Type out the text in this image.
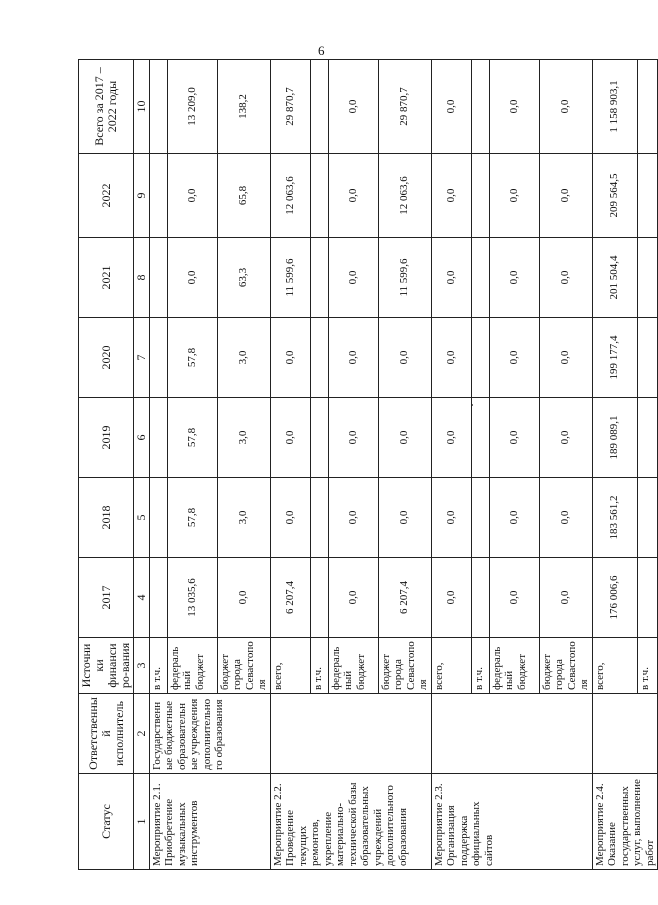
6
Статус	Ответственный исполнитель	Источники финансиро-вания	2017	2018	2019	2020	2021	2022	Всего за 2017 – 2022 годы
1	2	3	4	5	6	7	8	9	10
Мероприятие 2.1. Приобретение музыкальных инструментов	Государственные бюджетные образовательные учреждения дополнительного образования	в т.ч.							
		федеральный бюджет	13 035,6	57,8	57,8	57,8	0,0	0,0	13 209,0
		бюджет города Севастополя	0,0	3,0	3,0	3,0	63,3	65,8	138,2
Мероприятие 2.2. Проведение текущих ремонтов, укрепление материально-технической базы образовательных учреждений дополнительного образования		всего,	6 207,4	0,0	0,0	0,0	11 599,6	12 063,6	29 870,7
		в т.ч.							
		федеральный бюджет	0,0	0,0	0,0	0,0	0,0	0,0	0,0
		бюджет города Севастополя	6 207,4	0,0	0,0	0,0	11 599,6	12 063,6	29 870,7
Мероприятие 2.3. Организация поддержка официальных сайтов		всего,	0,0	0,0	0,0	0,0	0,0	0,0	0,0
		в т.ч.							
		федеральный бюджет	0,0	0,0	0,0	0,0	0,0	0,0	0,0
		бюджет города Севастополя	0,0	0,0	0,0	0,0	0,0	0,0	0,0
Мероприятие 2.4. Оказание государственных услуг, выполнение работ		всего,	176 006,6	183 561,2	189 089,1	199 177,4	201 504,4	209 564,5	1 158 903,1
		в т.ч.							
